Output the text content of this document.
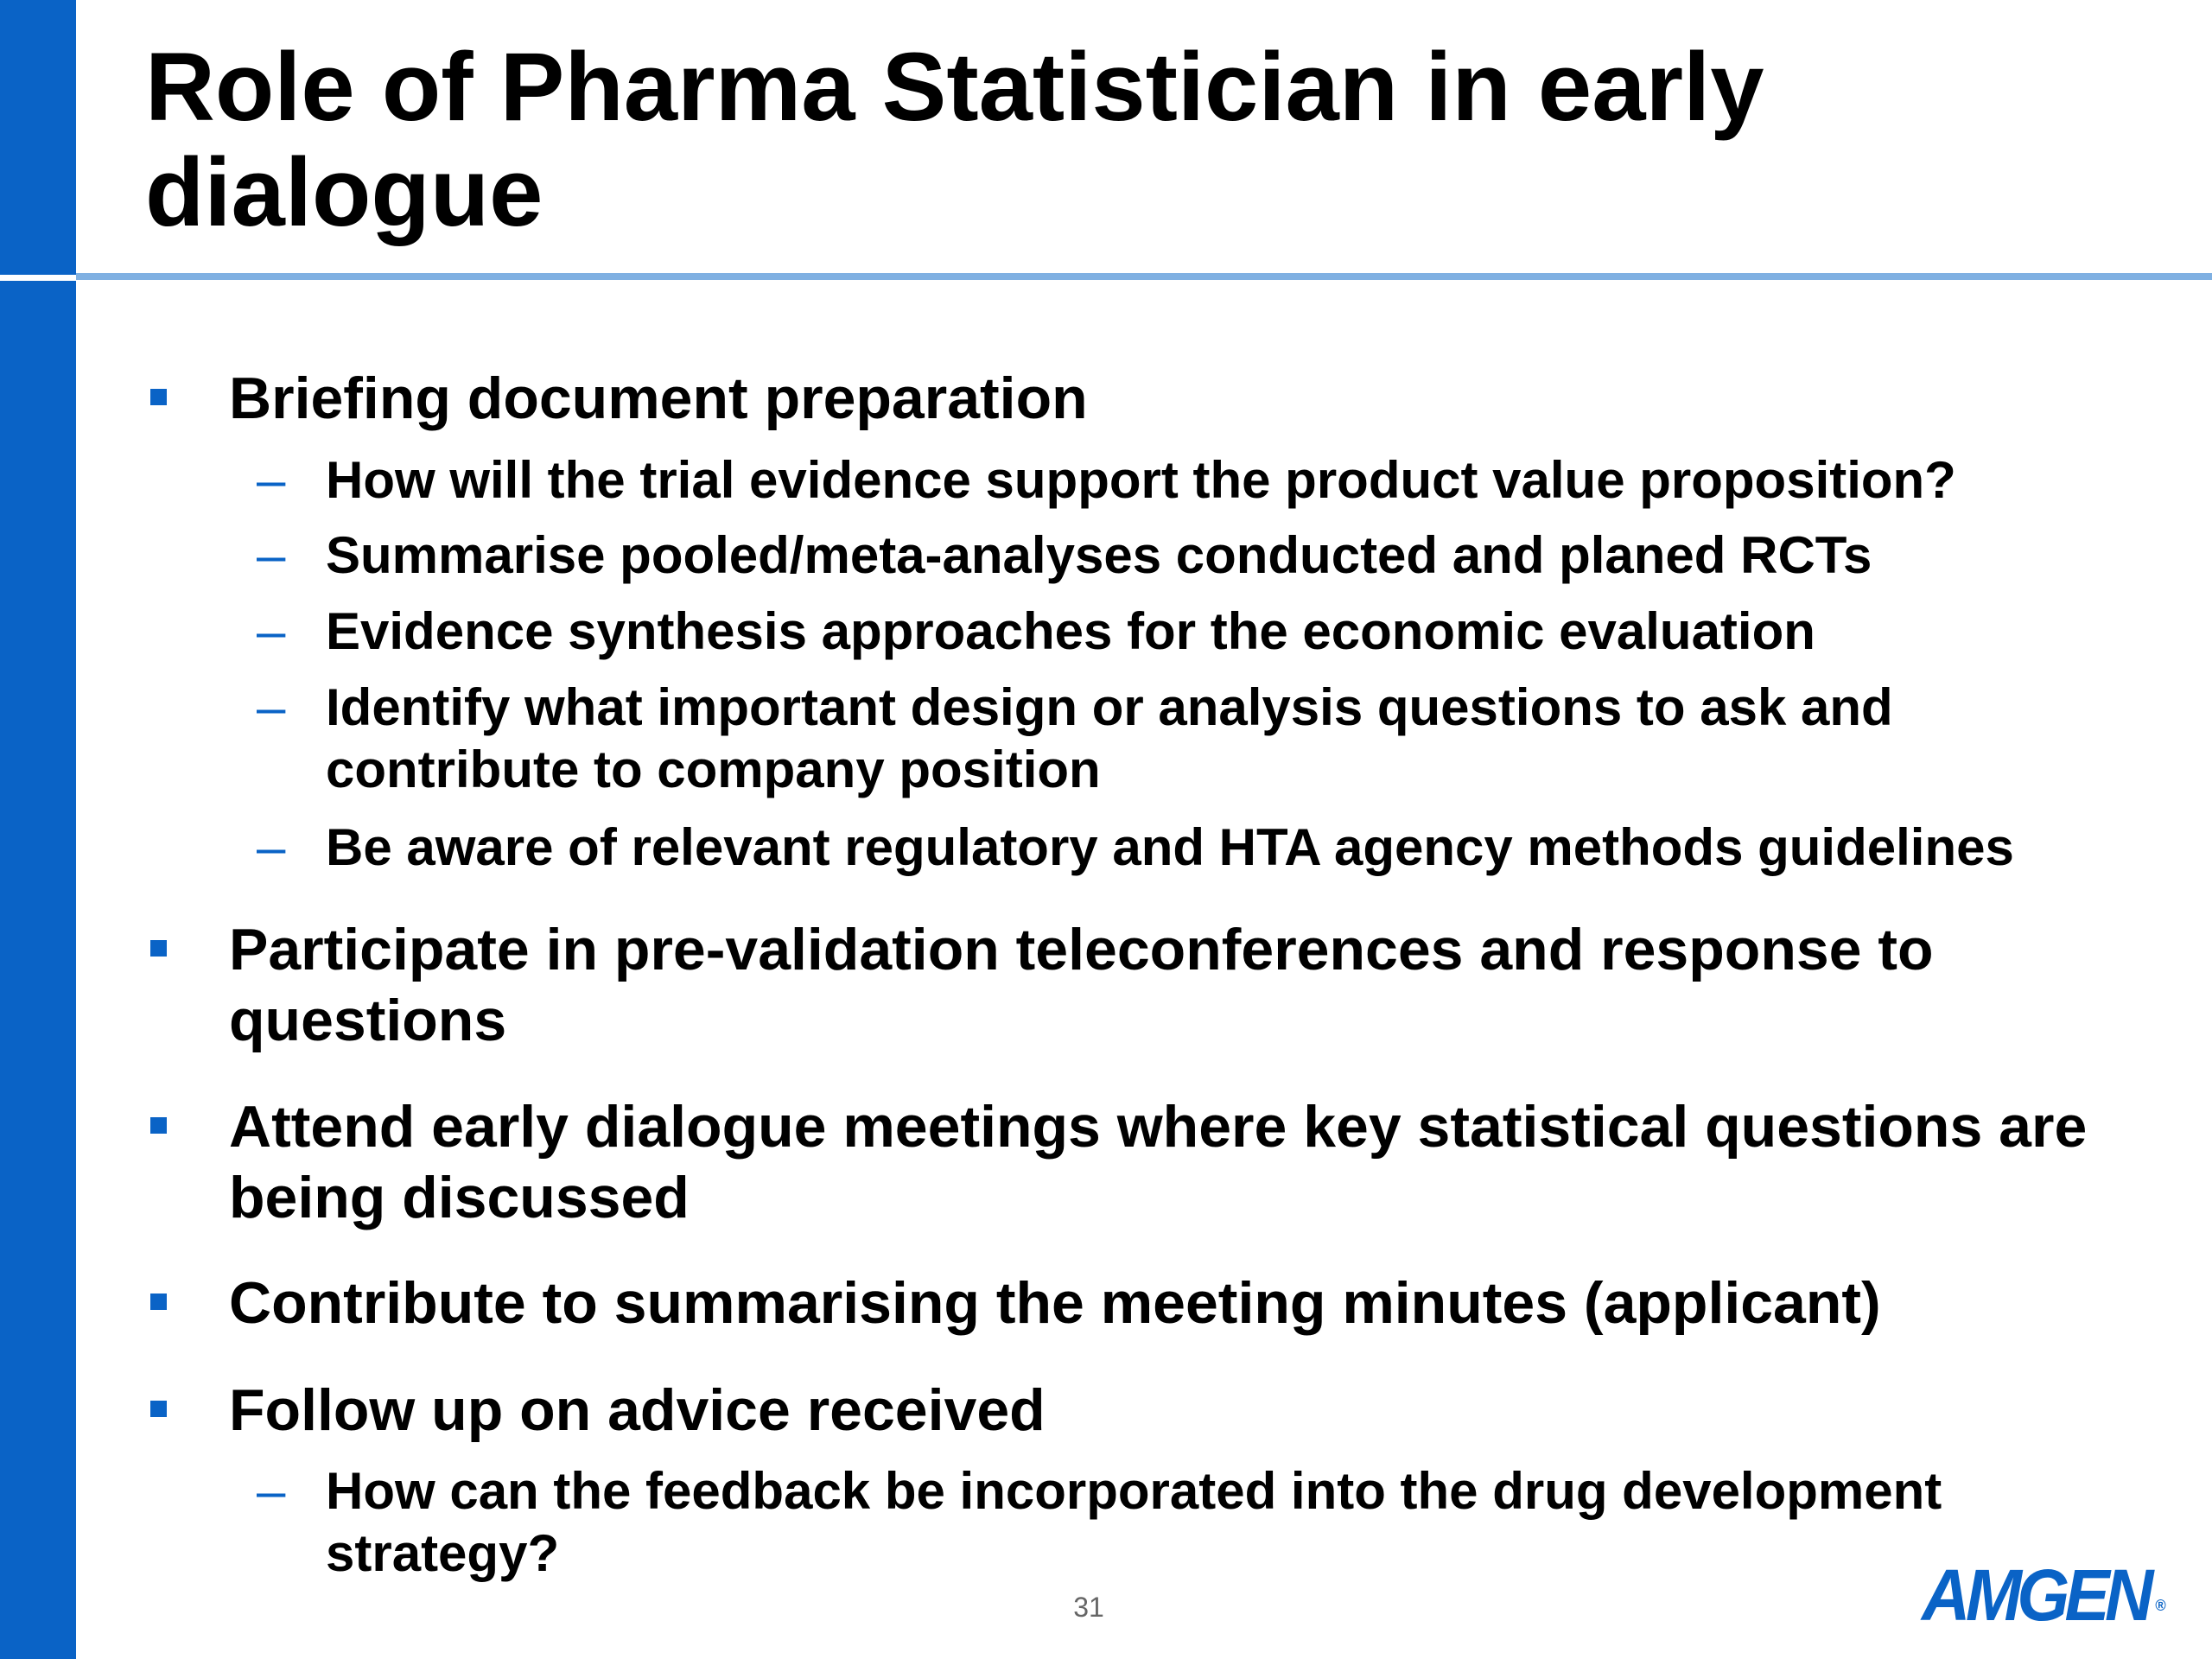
Role of Pharma Statistician in early dialogue
Briefing document preparation
– How will the trial evidence support the product value proposition?
– Summarise pooled/meta-analyses conducted and planed RCTs
– Evidence synthesis approaches for the economic evaluation
– Identify what important design or analysis questions to ask and contribute to company position
– Be aware of relevant regulatory and HTA agency methods guidelines
Participate in pre-validation teleconferences and response to questions
Attend early dialogue meetings where key statistical questions are being discussed
Contribute to summarising the meeting minutes (applicant)
Follow up on advice received
– How can the feedback be incorporated into the drug development strategy?
31	AMGEN ®
